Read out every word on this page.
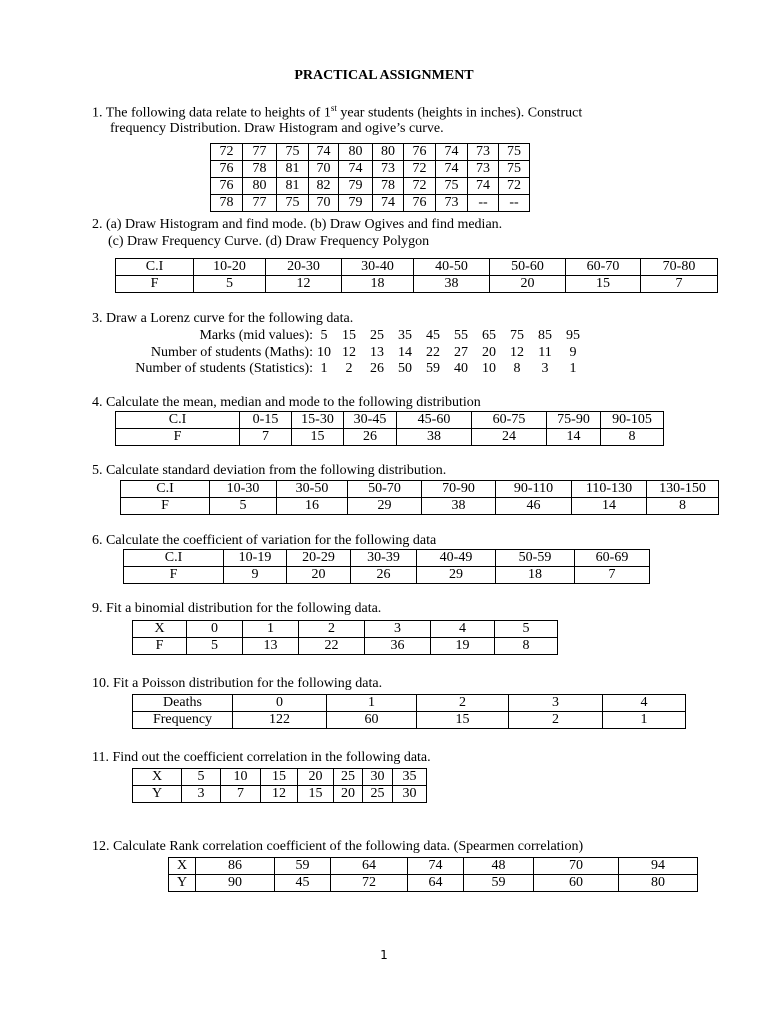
PRACTICAL ASSIGNMENT
1. The following data relate to heights of 1st year students (heights in inches). Construct
frequency Distribution. Draw Histogram and ogive’s curve.
72	77	75	74	80	80	76	74	73	75
76	78	81	70	74	73	72	74	73	75
76	80	81	82	79	78	72	75	74	72
78	77	75	70	79	74	76	73	--	--
2. (a) Draw Histogram and find mode. (b) Draw Ogives and find median.
(c) Draw Frequency Curve. (d) Draw Frequency Polygon
C.I	10-20	20-30	30-40	40-50	50-60	60-70	70-80
F	5	12	18	38	20	15	7
3. Draw a Lorenz curve for the following data.
Marks (mid values): 5 15 25 35 45 55 65 75 85 95
Number of students (Maths): 10 12 13 14 22 27 20 12 11 9
Number of students (Statistics): 1 2 26 50 59 40 10 8 3 1
4. Calculate the mean, median and mode to the following distribution
C.I	0-15	15-30	30-45	45-60	60-75	75-90	90-105
F	7	15	26	38	24	14	8
5. Calculate standard deviation from the following distribution.
C.I	10-30	30-50	50-70	70-90	90-110	110-130	130-150
F	5	16	29	38	46	14	8
6. Calculate the coefficient of variation for the following data
C.I	10-19	20-29	30-39	40-49	50-59	60-69
F	9	20	26	29	18	7
9. Fit a binomial distribution for the following data.
X	0	1	2	3	4	5
F	5	13	22	36	19	8
10. Fit a Poisson distribution for the following data.
Deaths	0	1	2	3	4
Frequency	122	60	15	2	1
11. Find out the coefficient correlation in the following data.
X	5	10	15	20	25	30	35
Y	3	7	12	15	20	25	30
12. Calculate Rank correlation coefficient of the following data. (Spearmen correlation)
X	86	59	64	74	48	70	94
Y	90	45	72	64	59	60	80
1
